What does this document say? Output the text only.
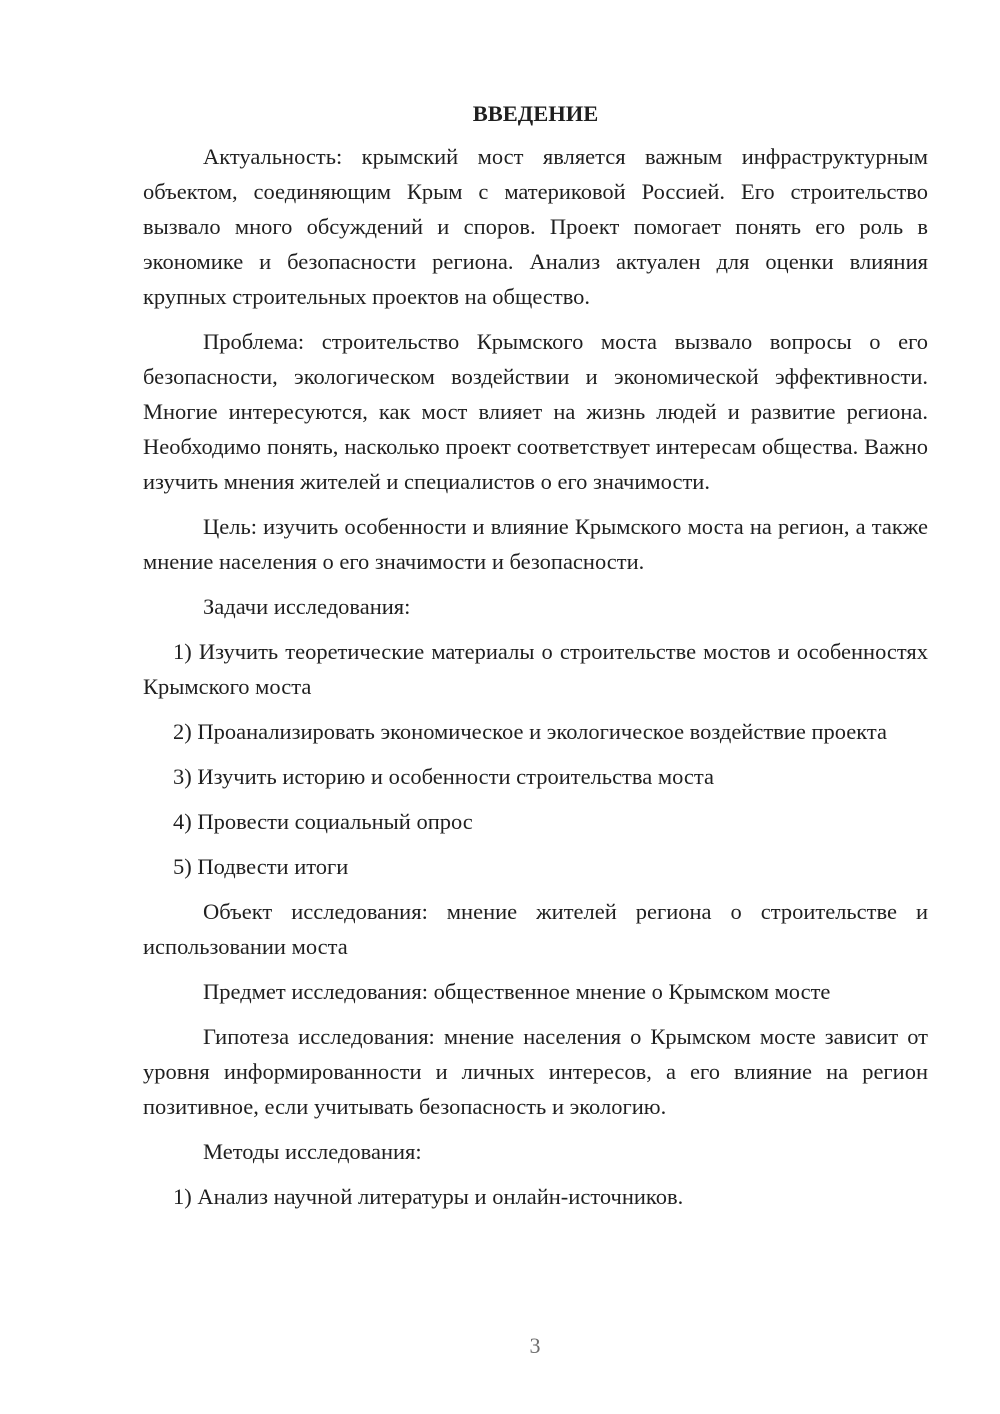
ВВЕДЕНИЕ

Актуальность: крымский мост является важным инфраструктурным объектом, соединяющим Крым с материковой Россией. Его строительство вызвало много обсуждений и споров. Проект помогает понять его роль в экономике и безопасности региона. Анализ актуален для оценки влияния крупных строительных проектов на общество.

Проблема: строительство Крымского моста вызвало вопросы о его безопасности, экологическом воздействии и экономической эффективности. Многие интересуются, как мост влияет на жизнь людей и развитие региона. Необходимо понять, насколько проект соответствует интересам общества. Важно изучить мнения жителей и специалистов о его значимости.

Цель: изучить особенности и влияние Крымского моста на регион, а также мнение населения о его значимости и безопасности.

Задачи исследования:

1) Изучить теоретические материалы о строительстве мостов и особенностях Крымского моста

2) Проанализировать экономическое и экологическое воздействие проекта

3) Изучить историю и особенности строительства моста

4) Провести социальный опрос

5) Подвести итоги

Объект исследования: мнение жителей региона о строительстве и использовании моста

Предмет исследования: общественное мнение о Крымском мосте

Гипотеза исследования: мнение населения о Крымском мосте зависит от уровня информированности и личных интересов, а его влияние на регион позитивное, если учитывать безопасность и экологию.

Методы исследования:

1) Анализ научной литературы и онлайн-источников.

3
